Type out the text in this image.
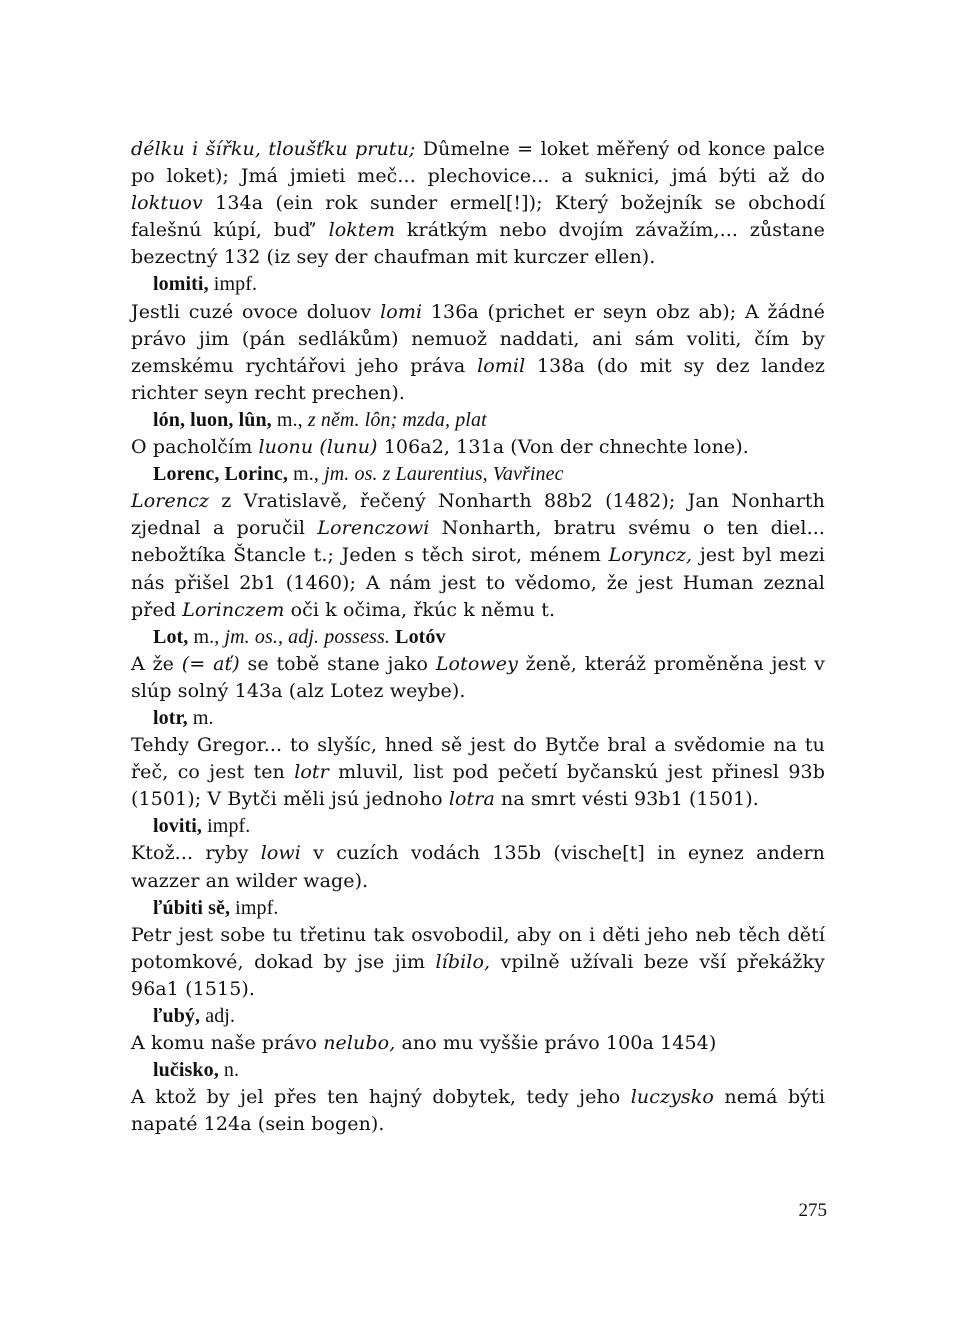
délku i šířku, tloušťku prutu; Dûmelne = loket měřený od konce palce po loket); Jmá jmieti meč... plechovice... a suknici, jmá býti až do loktuov 134a (ein rok sunder ermel[!]); Který božejník se obchodí falešnú kúpí, buď’ loktem krátkým nebo dvojím závažím,... zůstane bezectný 132 (iz sey der chaufman mit kurczer ellen).

lomiti, impf.

Jestli cuzé ovoce doluov lomi 136a (prichet er seyn obz ab); A žádné právo jim (pán sedlákům) nemuož naddati, ani sám voliti, čím by zemskému rychtářovi jeho práva lomil 138a (do mit sy dez landez richter seyn recht prechen).

lón, luon, lûn, m., z něm. lôn; mzda, plat

O pacholčím luonu (lunu) 106a2, 131a (Von der chnechte lone).

Lorenc, Lorinc, m., jm. os. z Laurentius, Vavřinec

Lorencz z Vratislavě, řečený Nonharth 88b2 (1482); Jan Nonharth zjednal a poručil Lorenczowi Nonharth, bratru svému o ten diel... nebožtíka Štancle t.; Jeden s těch sirot, ménem Loryncz, jest byl mezi nás přišel 2b1 (1460); A nám jest to vědomo, že jest Human zeznal před Lorinczem oči k očima, řkúc k němu t.

Lot, m., jm. os., adj. possess. Lotóv

A že (= ať) se tobě stane jako Lotowey ženě, kteráž proměněna jest v slúp solný 143a (alz Lotez weybe).

lotr, m.

Tehdy Gregor... to slyšíc, hned sě jest do Bytče bral a svědomie na tu řeč, co jest ten lotr mluvil, list pod pečetí byčanskú jest přinesl 93b (1501); V Bytči měli jsú jednoho lotra na smrt vésti 93b1 (1501).

loviti, impf.

Ktož... ryby lowi v cuzích vodách 135b (vische[t] in eynez andern wazzer an wilder wage).

ľúbiti sě, impf.

Petr jest sobe tu třetinu tak osvobodil, aby on i děti jeho neb těch dětí potomkové, dokad by jse jim líbilo, vpilně užívali beze vší překážky 96a1 (1515).

ľubý, adj.

A komu naše právo nelubo, ano mu vyššie právo 100a 1454)

lučisko, n.

A ktož by jel přes ten hajný dobytek, tedy jeho luczysko nemá býti napaté 124a (sein bogen).

275
